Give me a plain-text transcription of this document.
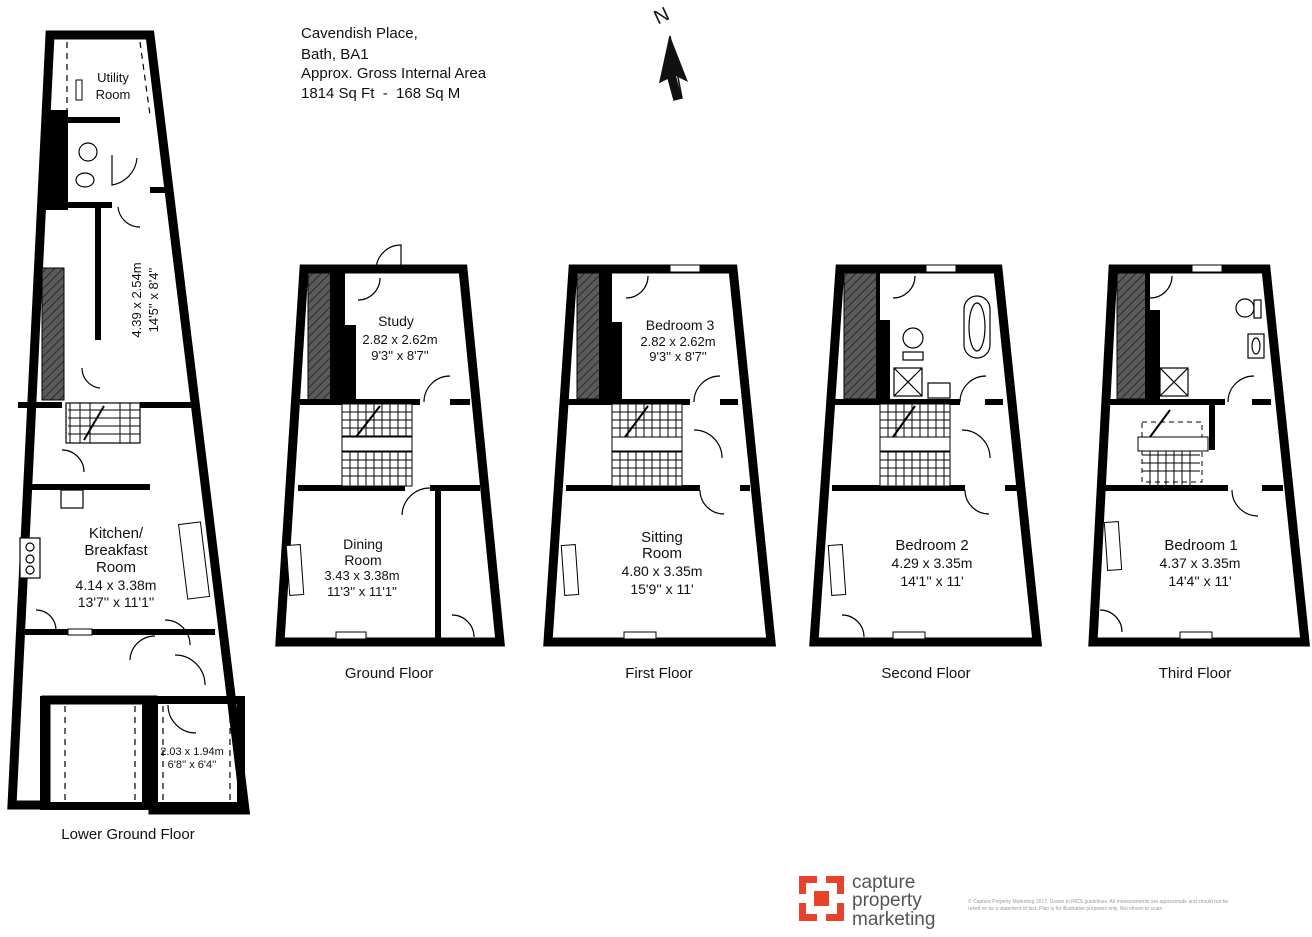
Cavendish Place,
Bath, BA1
Approx. Gross Internal Area
1814 Sq Ft  -  168 Sq M
N
Utility
Room
4.39 x 2.54m 14'5'' x 8'4''
Kitchen/
Breakfast
Room
4.14 x 3.38m
13'7'' x 11'1''
2.03 x 1.94m
6'8'' x 6'4''
Lower Ground Floor
Study
2.82 x 2.62m
9'3'' x 8'7''
Dining
Room
3.43 x 3.38m
11'3'' x 11'1''
Ground Floor
Bedroom 3
2.82 x 2.62m
9'3'' x 8'7''
Sitting
Room
4.80 x 3.35m
15'9'' x 11'
First Floor
Bedroom 2
4.29 x 3.35m
14'1'' x 11'
Second Floor
Bedroom 1
4.37 x 3.35m
14'4'' x 11'
Third Floor
capture
property
marketing
© Capture Property Marketing 2017. Drawn to RICS guidelines. All measurements are approximate and should not be relied on as a statement of fact. Plan is for illustrative purposes only. Not shown to scale.
